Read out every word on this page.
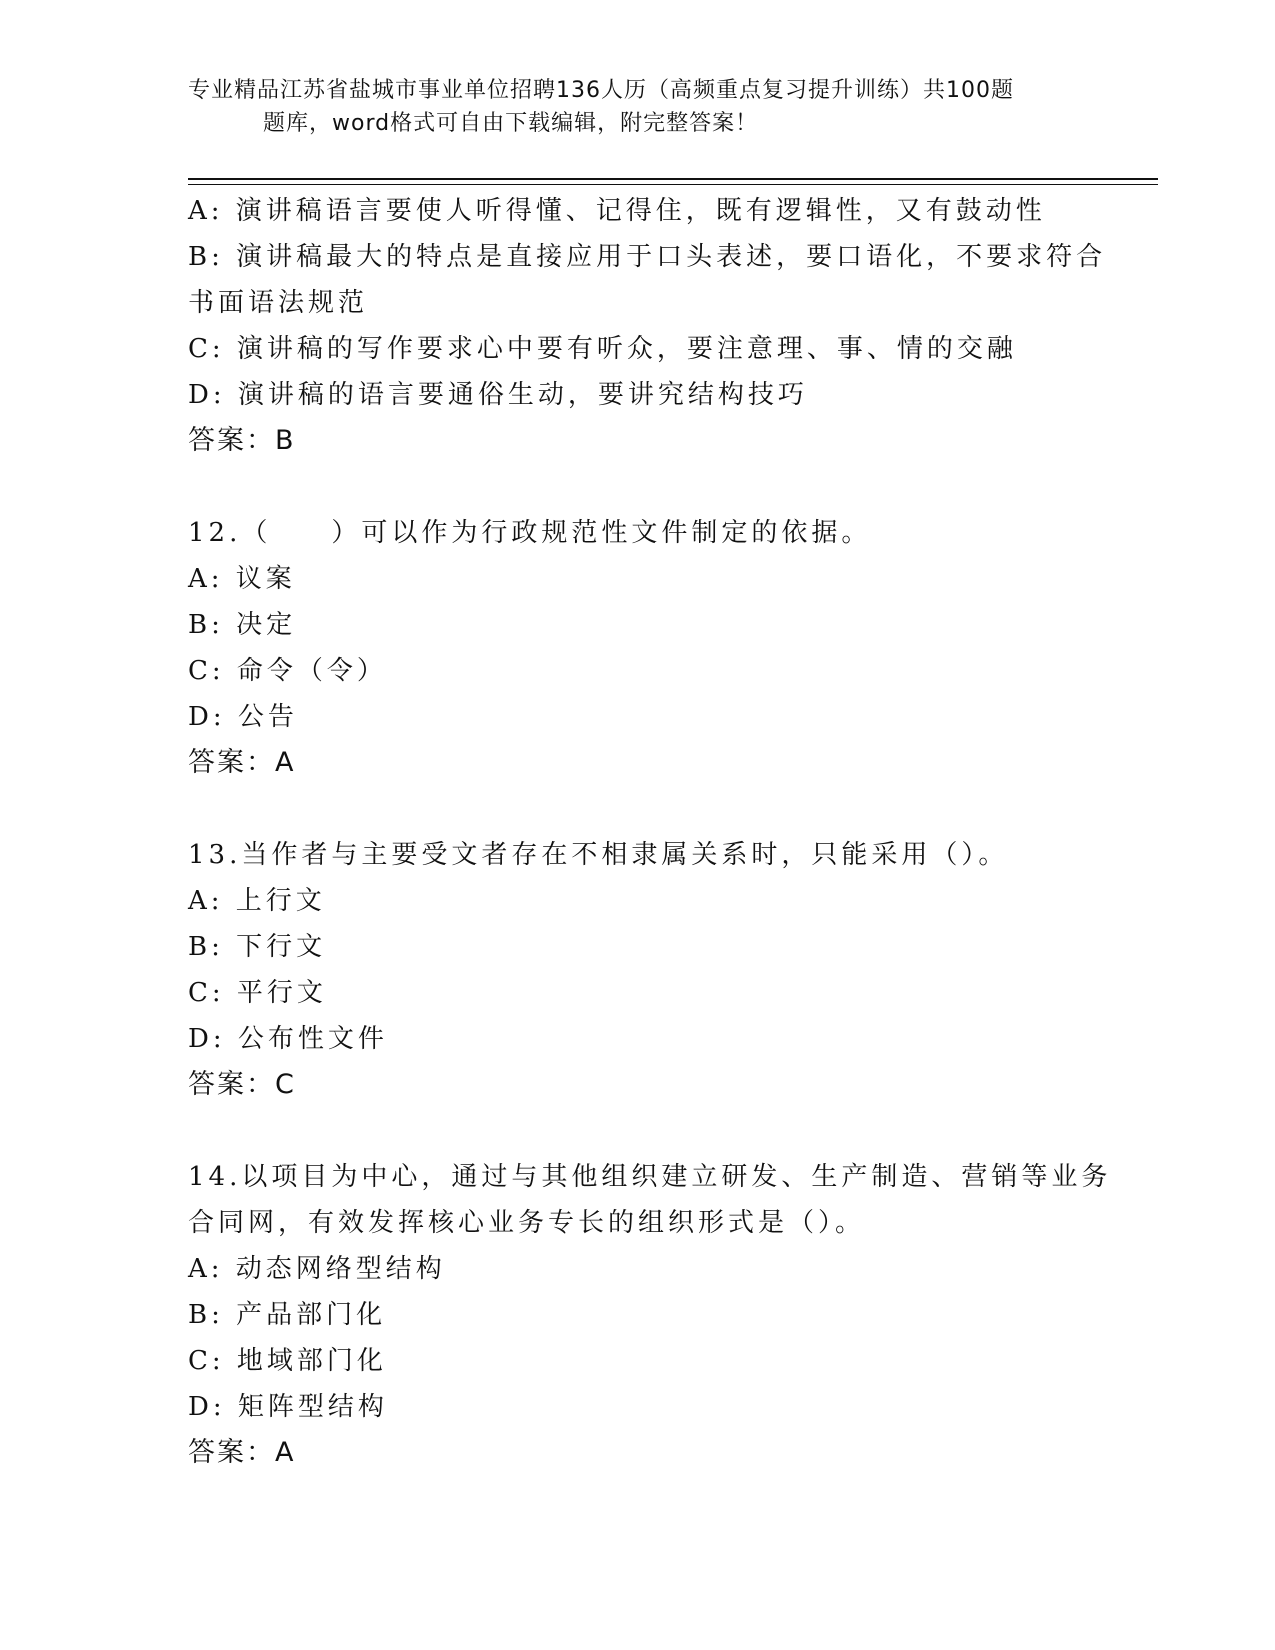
专业精品江苏省盐城市事业单位招聘136人历（高频重点复习提升训练）共100题
题库，word格式可自由下载编辑，附完整答案！
A: 演讲稿语言要使人听得懂、记得住，既有逻辑性，又有鼓动性
B: 演讲稿最大的特点是直接应用于口头表述，要口语化，不要求符合
书面语法规范
C: 演讲稿的写作要求心中要有听众，要注意理、事、情的交融
D: 演讲稿的语言要通俗生动，要讲究结构技巧
答案：B
12.（　　）可以作为行政规范性文件制定的依据。
A: 议案
B: 决定
C: 命令（令）
D: 公告
答案：A
13.当作者与主要受文者存在不相隶属关系时，只能采用（）。
A: 上行文
B: 下行文
C: 平行文
D: 公布性文件
答案：C
14.以项目为中心，通过与其他组织建立研发、生产制造、营销等业务
合同网，有效发挥核心业务专长的组织形式是（）。
A: 动态网络型结构
B: 产品部门化
C: 地域部门化
D: 矩阵型结构
答案：A
